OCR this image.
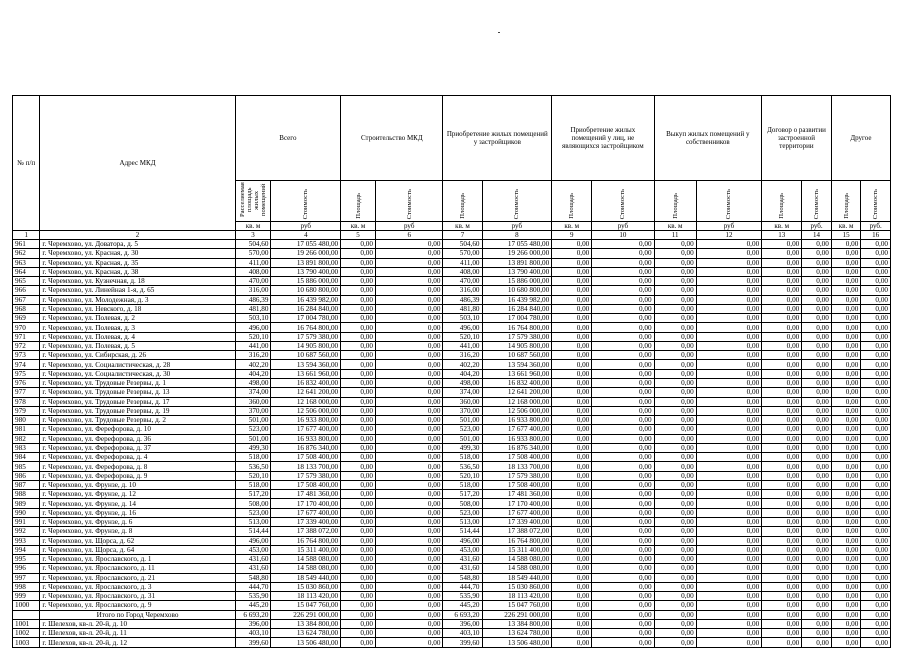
№ п/п	Адрес МКД	Всего		Строительство МКД		Приобретение жилых помещений у застройщиков		Приобретение жилых помещений у лиц, не являющихся застройщиком		Выкуп жилых помещений у собственников		Договор о развитии застроенной территории		Другое	
		Расселяемая площадь жилых помещений	Стоимость	Площадь	Стоимость	Площадь	Стоимость	Площадь	Стоимость	Площадь	Стоимость	Площадь	Стоимость	Площадь	Стоимость
		кв. м	руб	кв. м	руб	кв. м	руб	кв. м	руб	кв. м	руб	кв. м	руб.	кв. м	руб.
1	2	3	4	5	6	7	8	9	10	11	12	13	14	15	16
961	г. Черемхово, ул. Доватора, д. 5	504,60	17 055 480,00	0,00	0,00	504,60	17 055 480,00	0,00	0,00	0,00	0,00	0,00	0,00	0,00	0,00
962	г. Черемхово, ул. Красная, д. 30	570,00	19 266 000,00	0,00	0,00	570,00	19 266 000,00	0,00	0,00	0,00	0,00	0,00	0,00	0,00	0,00
963	г. Черемхово, ул. Красная, д. 35	411,00	13 891 800,00	0,00	0,00	411,00	13 891 800,00	0,00	0,00	0,00	0,00	0,00	0,00	0,00	0,00
964	г. Черемхово, ул. Красная, д. 38	408,00	13 790 400,00	0,00	0,00	408,00	13 790 400,00	0,00	0,00	0,00	0,00	0,00	0,00	0,00	0,00
965	г. Черемхово, ул. Кузнечная, д. 18	470,00	15 886 000,00	0,00	0,00	470,00	15 886 000,00	0,00	0,00	0,00	0,00	0,00	0,00	0,00	0,00
966	г. Черемхово, ул. Линейная 1-я, д. 65	316,00	10 680 800,00	0,00	0,00	316,00	10 680 800,00	0,00	0,00	0,00	0,00	0,00	0,00	0,00	0,00
967	г. Черемхово, ул. Молодежная, д. 3	486,39	16 439 982,00	0,00	0,00	486,39	16 439 982,00	0,00	0,00	0,00	0,00	0,00	0,00	0,00	0,00
968	г. Черемхово, ул. Невского, д. 18	481,80	16 284 840,00	0,00	0,00	481,80	16 284 840,00	0,00	0,00	0,00	0,00	0,00	0,00	0,00	0,00
969	г. Черемхово, ул. Полевая, д. 2	503,10	17 004 780,00	0,00	0,00	503,10	17 004 780,00	0,00	0,00	0,00	0,00	0,00	0,00	0,00	0,00
970	г. Черемхово, ул. Полевая, д. 3	496,00	16 764 800,00	0,00	0,00	496,00	16 764 800,00	0,00	0,00	0,00	0,00	0,00	0,00	0,00	0,00
971	г. Черемхово, ул. Полевая, д. 4	520,10	17 579 380,00	0,00	0,00	520,10	17 579 380,00	0,00	0,00	0,00	0,00	0,00	0,00	0,00	0,00
972	г. Черемхово, ул. Полевая, д. 5	441,00	14 905 800,00	0,00	0,00	441,00	14 905 800,00	0,00	0,00	0,00	0,00	0,00	0,00	0,00	0,00
973	г. Черемхово, ул. Сибирская, д. 26	316,20	10 687 560,00	0,00	0,00	316,20	10 687 560,00	0,00	0,00	0,00	0,00	0,00	0,00	0,00	0,00
974	г. Черемхово, ул. Социалистическая, д. 28	402,20	13 594 360,00	0,00	0,00	402,20	13 594 360,00	0,00	0,00	0,00	0,00	0,00	0,00	0,00	0,00
975	г. Черемхово, ул. Социалистическая, д. 30	404,20	13 661 960,00	0,00	0,00	404,20	13 661 960,00	0,00	0,00	0,00	0,00	0,00	0,00	0,00	0,00
976	г. Черемхово, ул. Трудовые Резервы, д. 1	498,00	16 832 400,00	0,00	0,00	498,00	16 832 400,00	0,00	0,00	0,00	0,00	0,00	0,00	0,00	0,00
977	г. Черемхово, ул. Трудовые Резервы, д. 13	374,00	12 641 200,00	0,00	0,00	374,00	12 641 200,00	0,00	0,00	0,00	0,00	0,00	0,00	0,00	0,00
978	г. Черемхово, ул. Трудовые Резервы, д. 17	360,00	12 168 000,00	0,00	0,00	360,00	12 168 000,00	0,00	0,00	0,00	0,00	0,00	0,00	0,00	0,00
979	г. Черемхово, ул. Трудовые Резервы, д. 19	370,00	12 506 000,00	0,00	0,00	370,00	12 506 000,00	0,00	0,00	0,00	0,00	0,00	0,00	0,00	0,00
980	г. Черемхово, ул. Трудовые Резервы, д. 2	501,00	16 933 800,00	0,00	0,00	501,00	16 933 800,00	0,00	0,00	0,00	0,00	0,00	0,00	0,00	0,00
981	г. Черемхово, ул. Ферефорова, д. 10	523,00	17 677 400,00	0,00	0,00	523,00	17 677 400,00	0,00	0,00	0,00	0,00	0,00	0,00	0,00	0,00
982	г. Черемхово, ул. Ферефорова, д. 36	501,00	16 933 800,00	0,00	0,00	501,00	16 933 800,00	0,00	0,00	0,00	0,00	0,00	0,00	0,00	0,00
983	г. Черемхово, ул. Ферефорова, д. 37	499,30	16 876 340,00	0,00	0,00	499,30	16 876 340,00	0,00	0,00	0,00	0,00	0,00	0,00	0,00	0,00
984	г. Черемхово, ул. Ферефорова, д. 4	518,00	17 508 400,00	0,00	0,00	518,00	17 508 400,00	0,00	0,00	0,00	0,00	0,00	0,00	0,00	0,00
985	г. Черемхово, ул. Ферефорова, д. 8	536,50	18 133 700,00	0,00	0,00	536,50	18 133 700,00	0,00	0,00	0,00	0,00	0,00	0,00	0,00	0,00
986	г. Черемхово, ул. Ферефорова, д. 9	520,10	17 579 380,00	0,00	0,00	520,10	17 579 380,00	0,00	0,00	0,00	0,00	0,00	0,00	0,00	0,00
987	г. Черемхово, ул. Фрунзе, д. 10	518,00	17 508 400,00	0,00	0,00	518,00	17 508 400,00	0,00	0,00	0,00	0,00	0,00	0,00	0,00	0,00
988	г. Черемхово, ул. Фрунзе, д. 12	517,20	17 481 360,00	0,00	0,00	517,20	17 481 360,00	0,00	0,00	0,00	0,00	0,00	0,00	0,00	0,00
989	г. Черемхово, ул. Фрунзе, д. 14	508,00	17 170 400,00	0,00	0,00	508,00	17 170 400,00	0,00	0,00	0,00	0,00	0,00	0,00	0,00	0,00
990	г. Черемхово, ул. Фрунзе, д. 16	523,00	17 677 400,00	0,00	0,00	523,00	17 677 400,00	0,00	0,00	0,00	0,00	0,00	0,00	0,00	0,00
991	г. Черемхово, ул. Фрунзе, д. 6	513,00	17 339 400,00	0,00	0,00	513,00	17 339 400,00	0,00	0,00	0,00	0,00	0,00	0,00	0,00	0,00
992	г. Черемхово, ул. Фрунзе, д. 8	514,44	17 388 072,00	0,00	0,00	514,44	17 388 072,00	0,00	0,00	0,00	0,00	0,00	0,00	0,00	0,00
993	г. Черемхово, ул. Щорса, д. 62	496,00	16 764 800,00	0,00	0,00	496,00	16 764 800,00	0,00	0,00	0,00	0,00	0,00	0,00	0,00	0,00
994	г. Черемхово, ул. Щорса, д. 64	453,00	15 311 400,00	0,00	0,00	453,00	15 311 400,00	0,00	0,00	0,00	0,00	0,00	0,00	0,00	0,00
995	г. Черемхово, ул. Ярославского, д. 1	431,60	14 588 080,00	0,00	0,00	431,60	14 588 080,00	0,00	0,00	0,00	0,00	0,00	0,00	0,00	0,00
996	г. Черемхово, ул. Ярославского, д. 11	431,60	14 588 080,00	0,00	0,00	431,60	14 588 080,00	0,00	0,00	0,00	0,00	0,00	0,00	0,00	0,00
997	г. Черемхово, ул. Ярославского, д. 21	548,80	18 549 440,00	0,00	0,00	548,80	18 549 440,00	0,00	0,00	0,00	0,00	0,00	0,00	0,00	0,00
998	г. Черемхово, ул. Ярославского, д. 3	444,70	15 030 860,00	0,00	0,00	444,70	15 030 860,00	0,00	0,00	0,00	0,00	0,00	0,00	0,00	0,00
999	г. Черемхово, ул. Ярославского, д. 31	535,90	18 113 420,00	0,00	0,00	535,90	18 113 420,00	0,00	0,00	0,00	0,00	0,00	0,00	0,00	0,00
1000	г. Черемхово, ул. Ярославского, д. 9	445,20	15 047 760,00	0,00	0,00	445,20	15 047 760,00	0,00	0,00	0,00	0,00	0,00	0,00	0,00	0,00
	Итого по Город Черемхово	6 693,20	226 291 000,00	0,00	0,00	6 693,20	226 291 000,00	0,00	0,00	0,00	0,00	0,00	0,00	0,00	0,00
1001	г. Шелехов, кв-л. 20-й, д. 10	396,00	13 384 800,00	0,00	0,00	396,00	13 384 800,00	0,00	0,00	0,00	0,00	0,00	0,00	0,00	0,00
1002	г. Шелехов, кв-л. 20-й, д. 11	403,10	13 624 780,00	0,00	0,00	403,10	13 624 780,00	0,00	0,00	0,00	0,00	0,00	0,00	0,00	0,00
1003	г. Шелехов, кв-л. 20-й, д. 12	399,60	13 506 480,00	0,00	0,00	399,60	13 506 480,00	0,00	0,00	0,00	0,00	0,00	0,00	0,00	0,00
